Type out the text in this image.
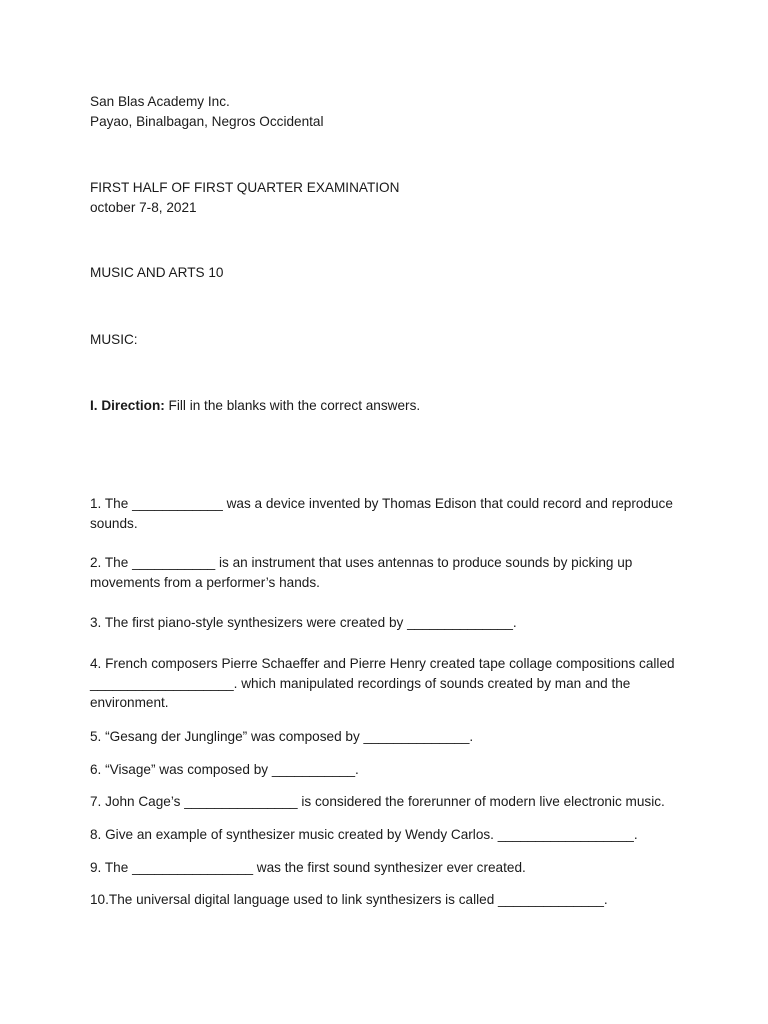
San Blas Academy Inc.
Payao, Binalbagan, Negros Occidental
FIRST HALF OF FIRST QUARTER EXAMINATION
october 7-8, 2021
MUSIC AND ARTS 10
MUSIC:
I. Direction: Fill in the blanks with the correct answers.
1. The ____________ was a device invented by Thomas Edison that could record and reproduce sounds.
2. The ___________ is an instrument that uses antennas to produce sounds by picking up movements from a performer’s hands.
3. The first piano-style synthesizers were created by ______________.
4. French composers Pierre Schaeffer and Pierre Henry created tape collage compositions called ___________________. which manipulated recordings of sounds created by man and the environment.
5. “Gesang der Junglinge” was composed by ______________.
6. “Visage” was composed by ___________.
7. John Cage’s _______________ is considered the forerunner of modern live electronic music.
8. Give an example of synthesizer music created by Wendy Carlos. __________________.
9. The ________________ was the first sound synthesizer ever created.
10.The universal digital language used to link synthesizers is called ______________.
